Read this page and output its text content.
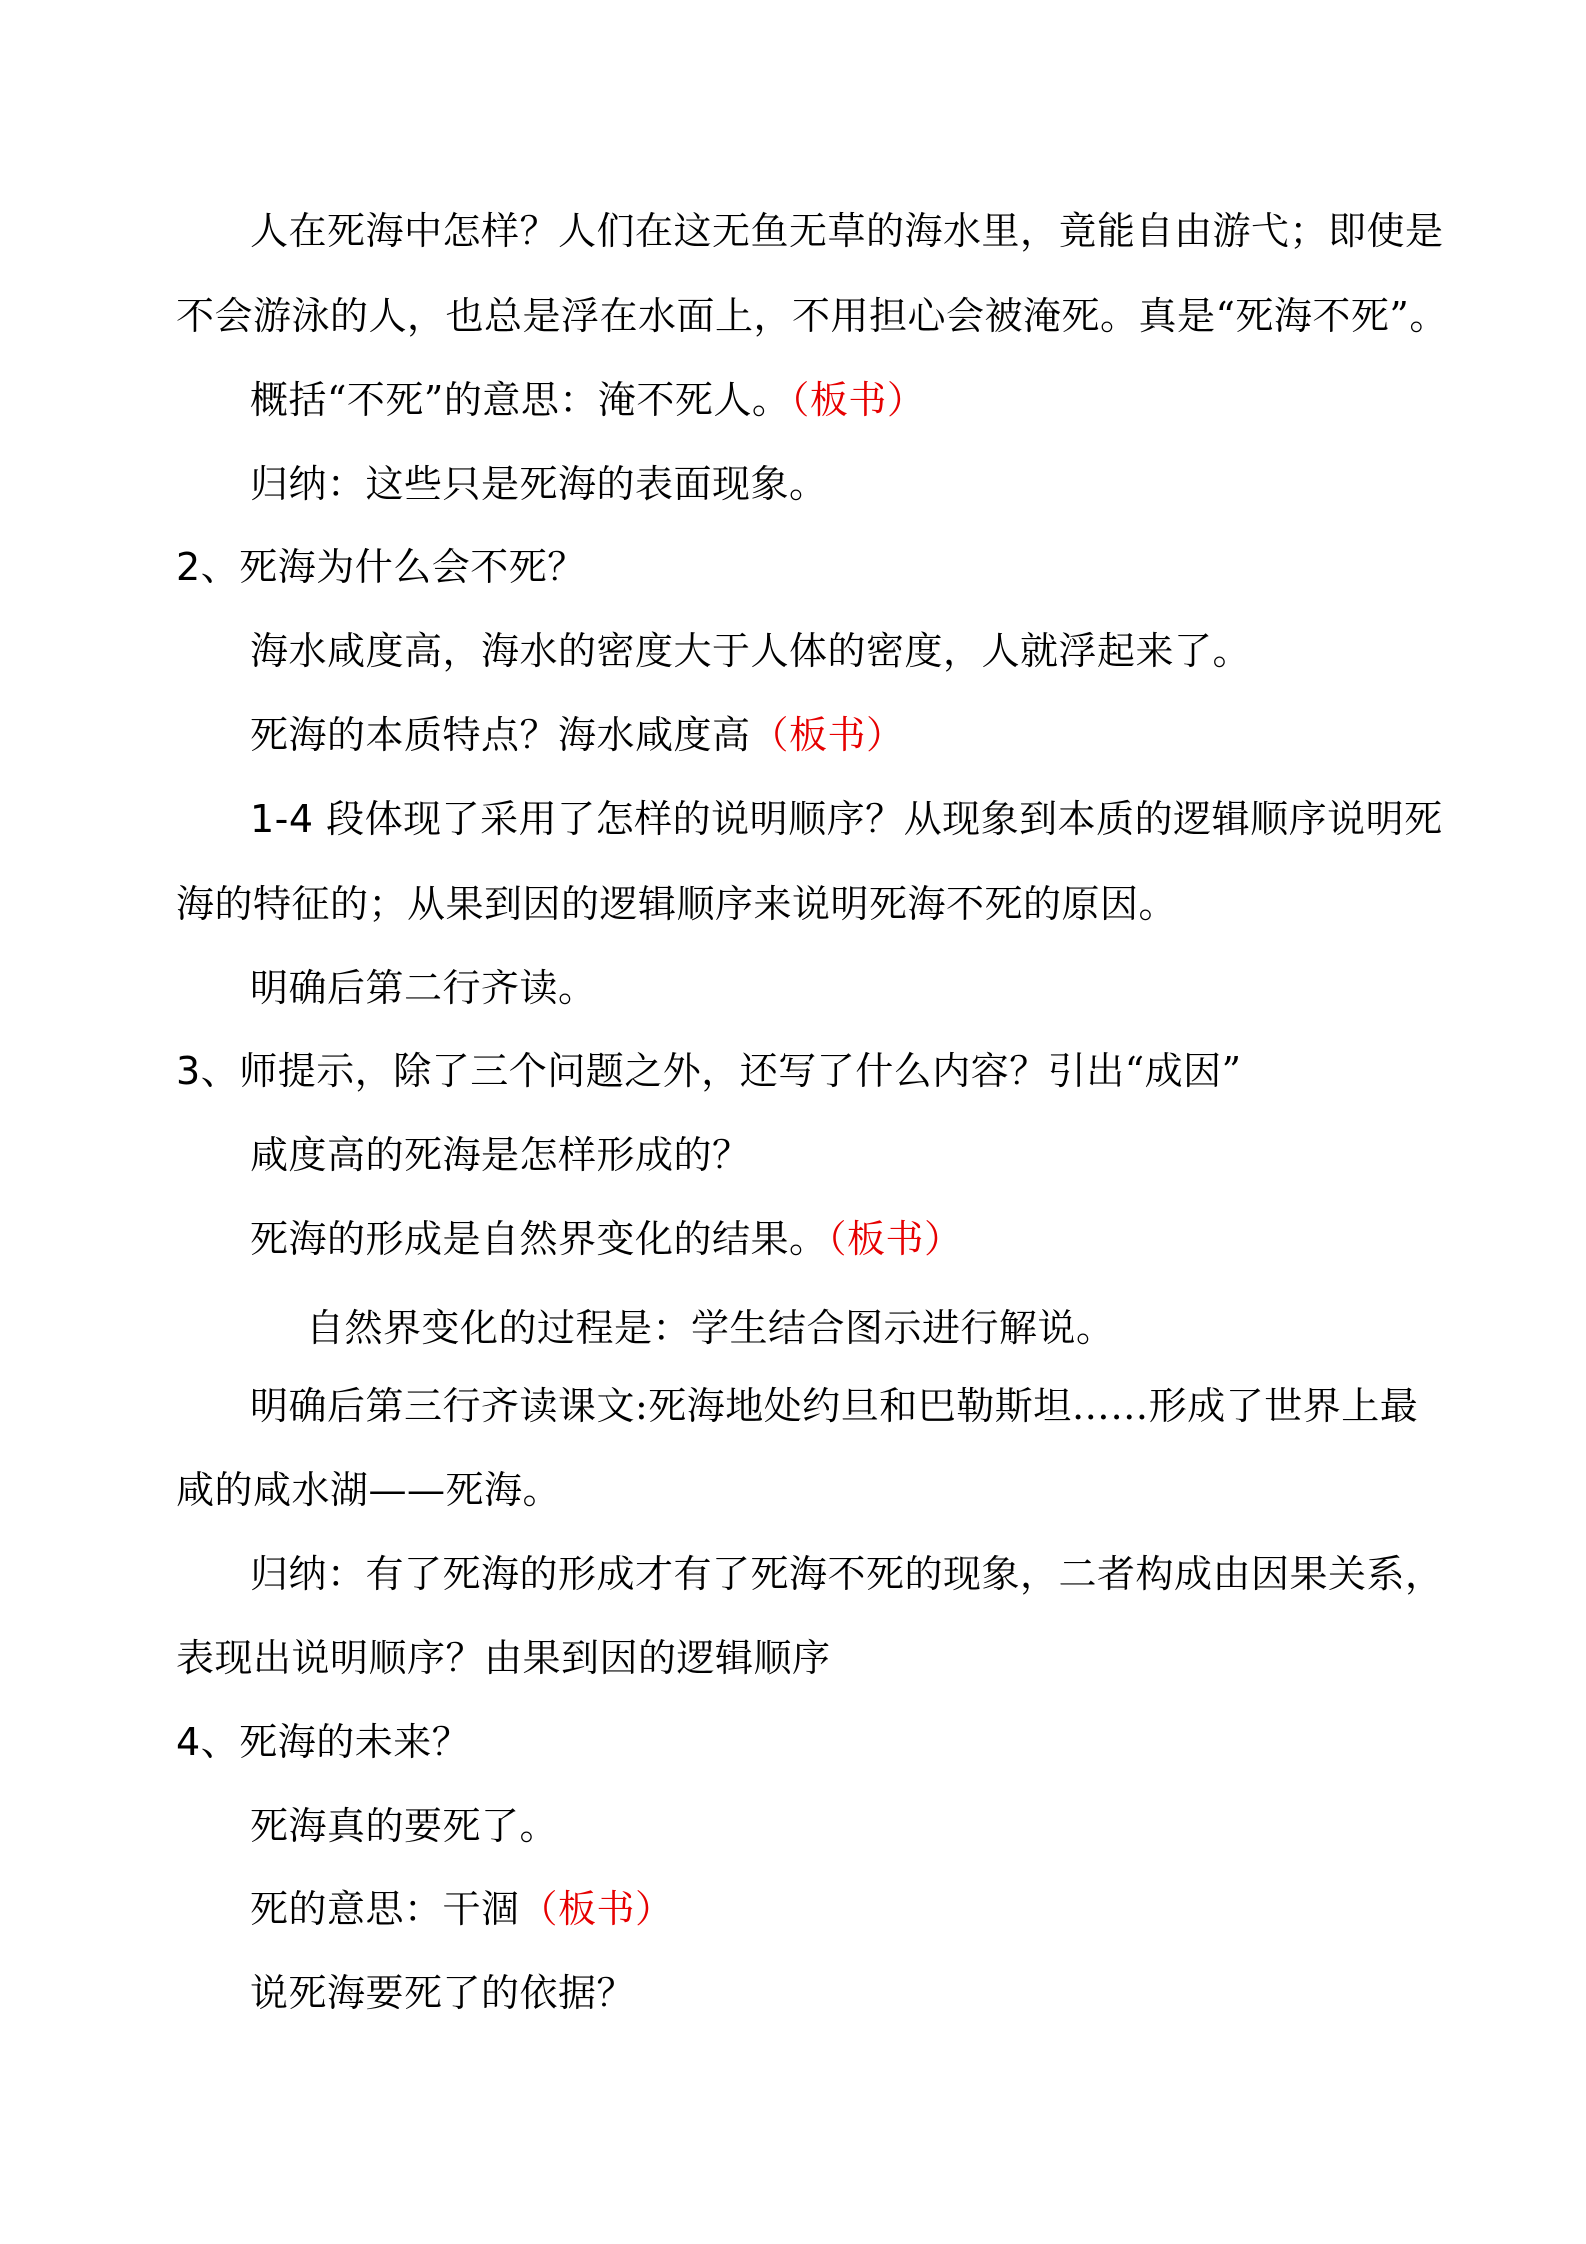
人在死海中怎样？人们在这无鱼无草的海水里，竟能自由游弋；即使是
不会游泳的人，也总是浮在水面上，不用担心会被淹死。真是“死海不死”。
概括“不死”的意思：淹不死人。（板书）
归纳：这些只是死海的表面现象。
2、死海为什么会不死？
海水咸度高，海水的密度大于人体的密度，人就浮起来了。
死海的本质特点？海水咸度高（板书）
1-4 段体现了采用了怎样的说明顺序？从现象到本质的逻辑顺序说明死
海的特征的；从果到因的逻辑顺序来说明死海不死的原因。
明确后第二行齐读。
3、师提示，除了三个问题之外，还写了什么内容？引出“成因”
咸度高的死海是怎样形成的？
死海的形成是自然界变化的结果。（板书）
自然界变化的过程是：学生结合图示进行解说。
明确后第三行齐读课文:死海地处约旦和巴勒斯坦……形成了世界上最
咸的咸水湖——死海。
归纳：有了死海的形成才有了死海不死的现象，二者构成由因果关系，
表现出说明顺序？由果到因的逻辑顺序
4、死海的未来？
死海真的要死了。
死的意思：干涸（板书）
说死海要死了的依据？
